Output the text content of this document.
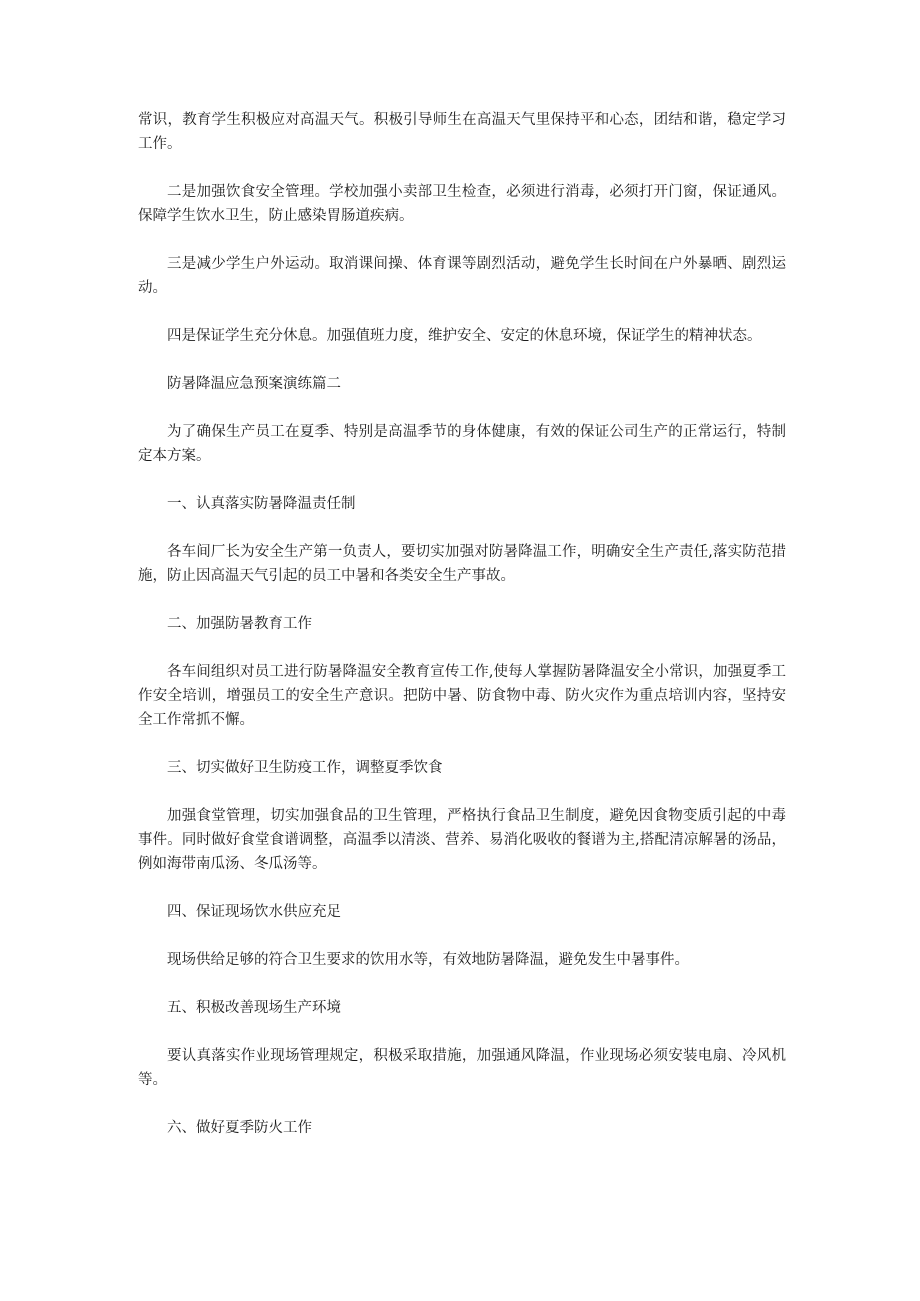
常识，教育学生积极应对高温天气。积极引导师生在高温天气里保持平和心态，团结和谐，稳定学习工作。

二是加强饮食安全管理。学校加强小卖部卫生检查，必须进行消毒，必须打开门窗，保证通风。保障学生饮水卫生，防止感染胃肠道疾病。

三是减少学生户外运动。取消课间操、体育课等剧烈活动，避免学生长时间在户外暴晒、剧烈运动。

四是保证学生充分休息。加强值班力度，维护安全、安定的休息环境，保证学生的精神状态。

防暑降温应急预案演练篇二

为了确保生产员工在夏季、特别是高温季节的身体健康，有效的保证公司生产的正常运行，特制定本方案。

一、认真落实防暑降温责任制

各车间厂长为安全生产第一负责人，要切实加强对防暑降温工作，明确安全生产责任,落实防范措施，防止因高温天气引起的员工中暑和各类安全生产事故。

二、加强防暑教育工作

各车间组织对员工进行防暑降温安全教育宣传工作,使每人掌握防暑降温安全小常识，加强夏季工作安全培训，增强员工的安全生产意识。把防中暑、防食物中毒、防火灾作为重点培训内容，坚持安全工作常抓不懈。

三、切实做好卫生防疫工作，调整夏季饮食

加强食堂管理，切实加强食品的卫生管理，严格执行食品卫生制度，避免因食物变质引起的中毒事件。同时做好食堂食谱调整，高温季以清淡、营养、易消化吸收的餐谱为主,搭配清凉解暑的汤品，例如海带南瓜汤、冬瓜汤等。

四、保证现场饮水供应充足

现场供给足够的符合卫生要求的饮用水等，有效地防暑降温，避免发生中暑事件。

五、积极改善现场生产环境

要认真落实作业现场管理规定，积极采取措施，加强通风降温，作业现场必须安装电扇、冷风机等。

六、做好夏季防火工作
